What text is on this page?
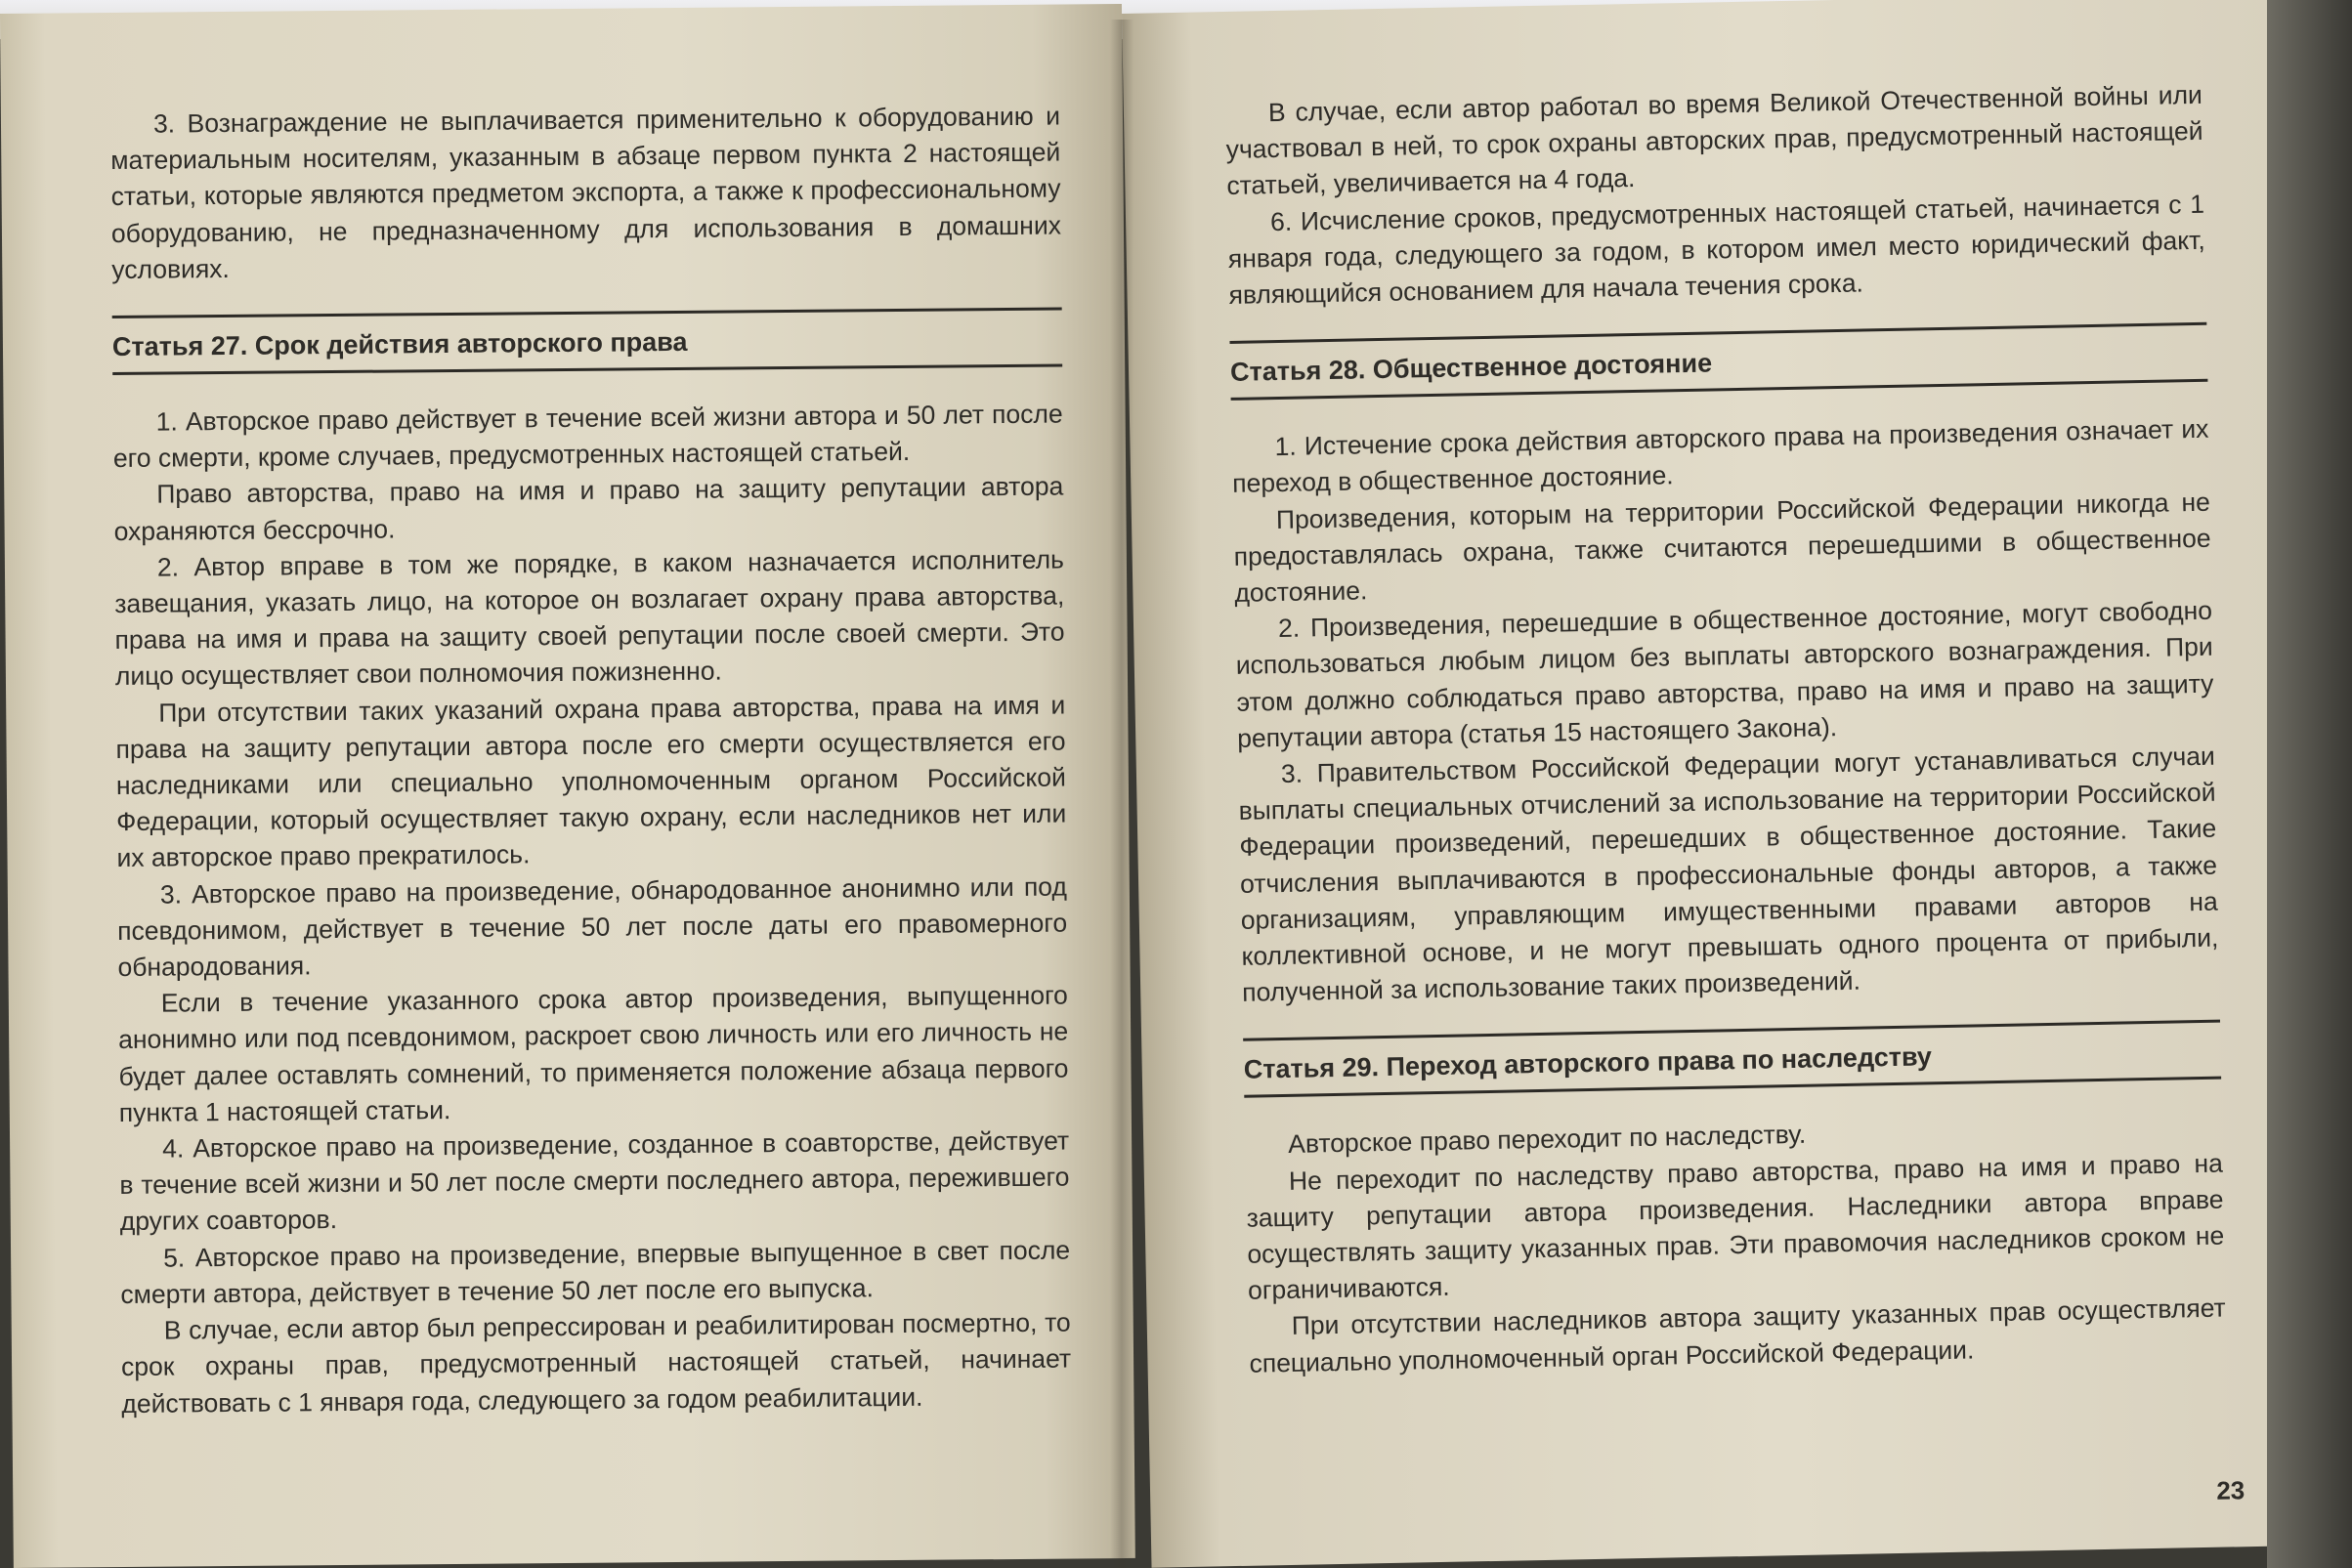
3. Вознаграждение не выплачивается применительно к оборудованию и материальным носителям, указанным в абзаце первом пункта 2 настоящей статьи, которые являются предметом экспорта, а также к профессиональному оборудованию, не предназначенному для использования в домашних условиях.

Статья 27. Срок действия авторского права

1. Авторское право действует в течение всей жизни автора и 50 лет после его смерти, кроме случаев, предусмотренных настоящей статьей.

Право авторства, право на имя и право на защиту репутации автора охраняются бессрочно.

2. Автор вправе в том же порядке, в каком назначается исполнитель завещания, указать лицо, на которое он возлагает охрану права авторства, права на имя и права на защиту своей репутации после своей смерти. Это лицо осуществляет свои полномочия пожизненно.

При отсутствии таких указаний охрана права авторства, права на имя и права на защиту репутации автора после его смерти осуществляется его наследниками или специально уполномоченным органом Российской Федерации, который осуществляет такую охрану, если наследников нет или их авторское право прекратилось.

3. Авторское право на произведение, обнародованное анонимно или под псевдонимом, действует в течение 50 лет после даты его правомерного обнародования.

Если в течение указанного срока автор произведения, выпущенного анонимно или под псевдонимом, раскроет свою личность или его личность не будет далее оставлять сомнений, то применяется положение абзаца первого пункта 1 настоящей статьи.

4. Авторское право на произведение, созданное в соавторстве, действует в течение всей жизни и 50 лет после смерти последнего автора, пережившего других соавторов.

5. Авторское право на произведение, впервые выпущенное в свет после смерти автора, действует в течение 50 лет после его выпуска.

В случае, если автор был репрессирован и реабилитирован посмертно, то срок охраны прав, предусмотренный настоящей статьей, начинает действовать с 1 января года, следующего за годом реабилитации.

В случае, если автор работал во время Великой Отечественной войны или участвовал в ней, то срок охраны авторских прав, предусмотренный настоящей статьей, увеличивается на 4 года.

6. Исчисление сроков, предусмотренных настоящей статьей, начинается с 1 января года, следующего за годом, в котором имел место юридический факт, являющийся основанием для начала течения срока.

Статья 28. Общественное достояние

1. Истечение срока действия авторского права на произведения означает их переход в общественное достояние.

Произведения, которым на территории Российской Федерации никогда не предоставлялась охрана, также считаются перешедшими в общественное достояние.

2. Произведения, перешедшие в общественное достояние, могут свободно использоваться любым лицом без выплаты авторского вознаграждения. При этом должно соблюдаться право авторства, право на имя и право на защиту репутации автора (статья 15 настоящего Закона).

3. Правительством Российской Федерации могут устанавливаться случаи выплаты специальных отчислений за использование на территории Российской Федерации произведений, перешедших в общественное достояние. Такие отчисления выплачиваются в профессиональные фонды авторов, а также организациям, управляющим имущественными правами авторов на коллективной основе, и не могут превышать одного процента от прибыли, полученной за использование таких произведений.

Статья 29. Переход авторского права по наследству

Авторское право переходит по наследству.

Не переходит по наследству право авторства, право на имя и право на защиту репутации автора произведения. Наследники автора вправе осуществлять защиту указанных прав. Эти правомочия наследников сроком не ограничиваются.

При отсутствии наследников автора защиту указанных прав осуществляет специально уполномоченный орган Российской Федерации.

23
